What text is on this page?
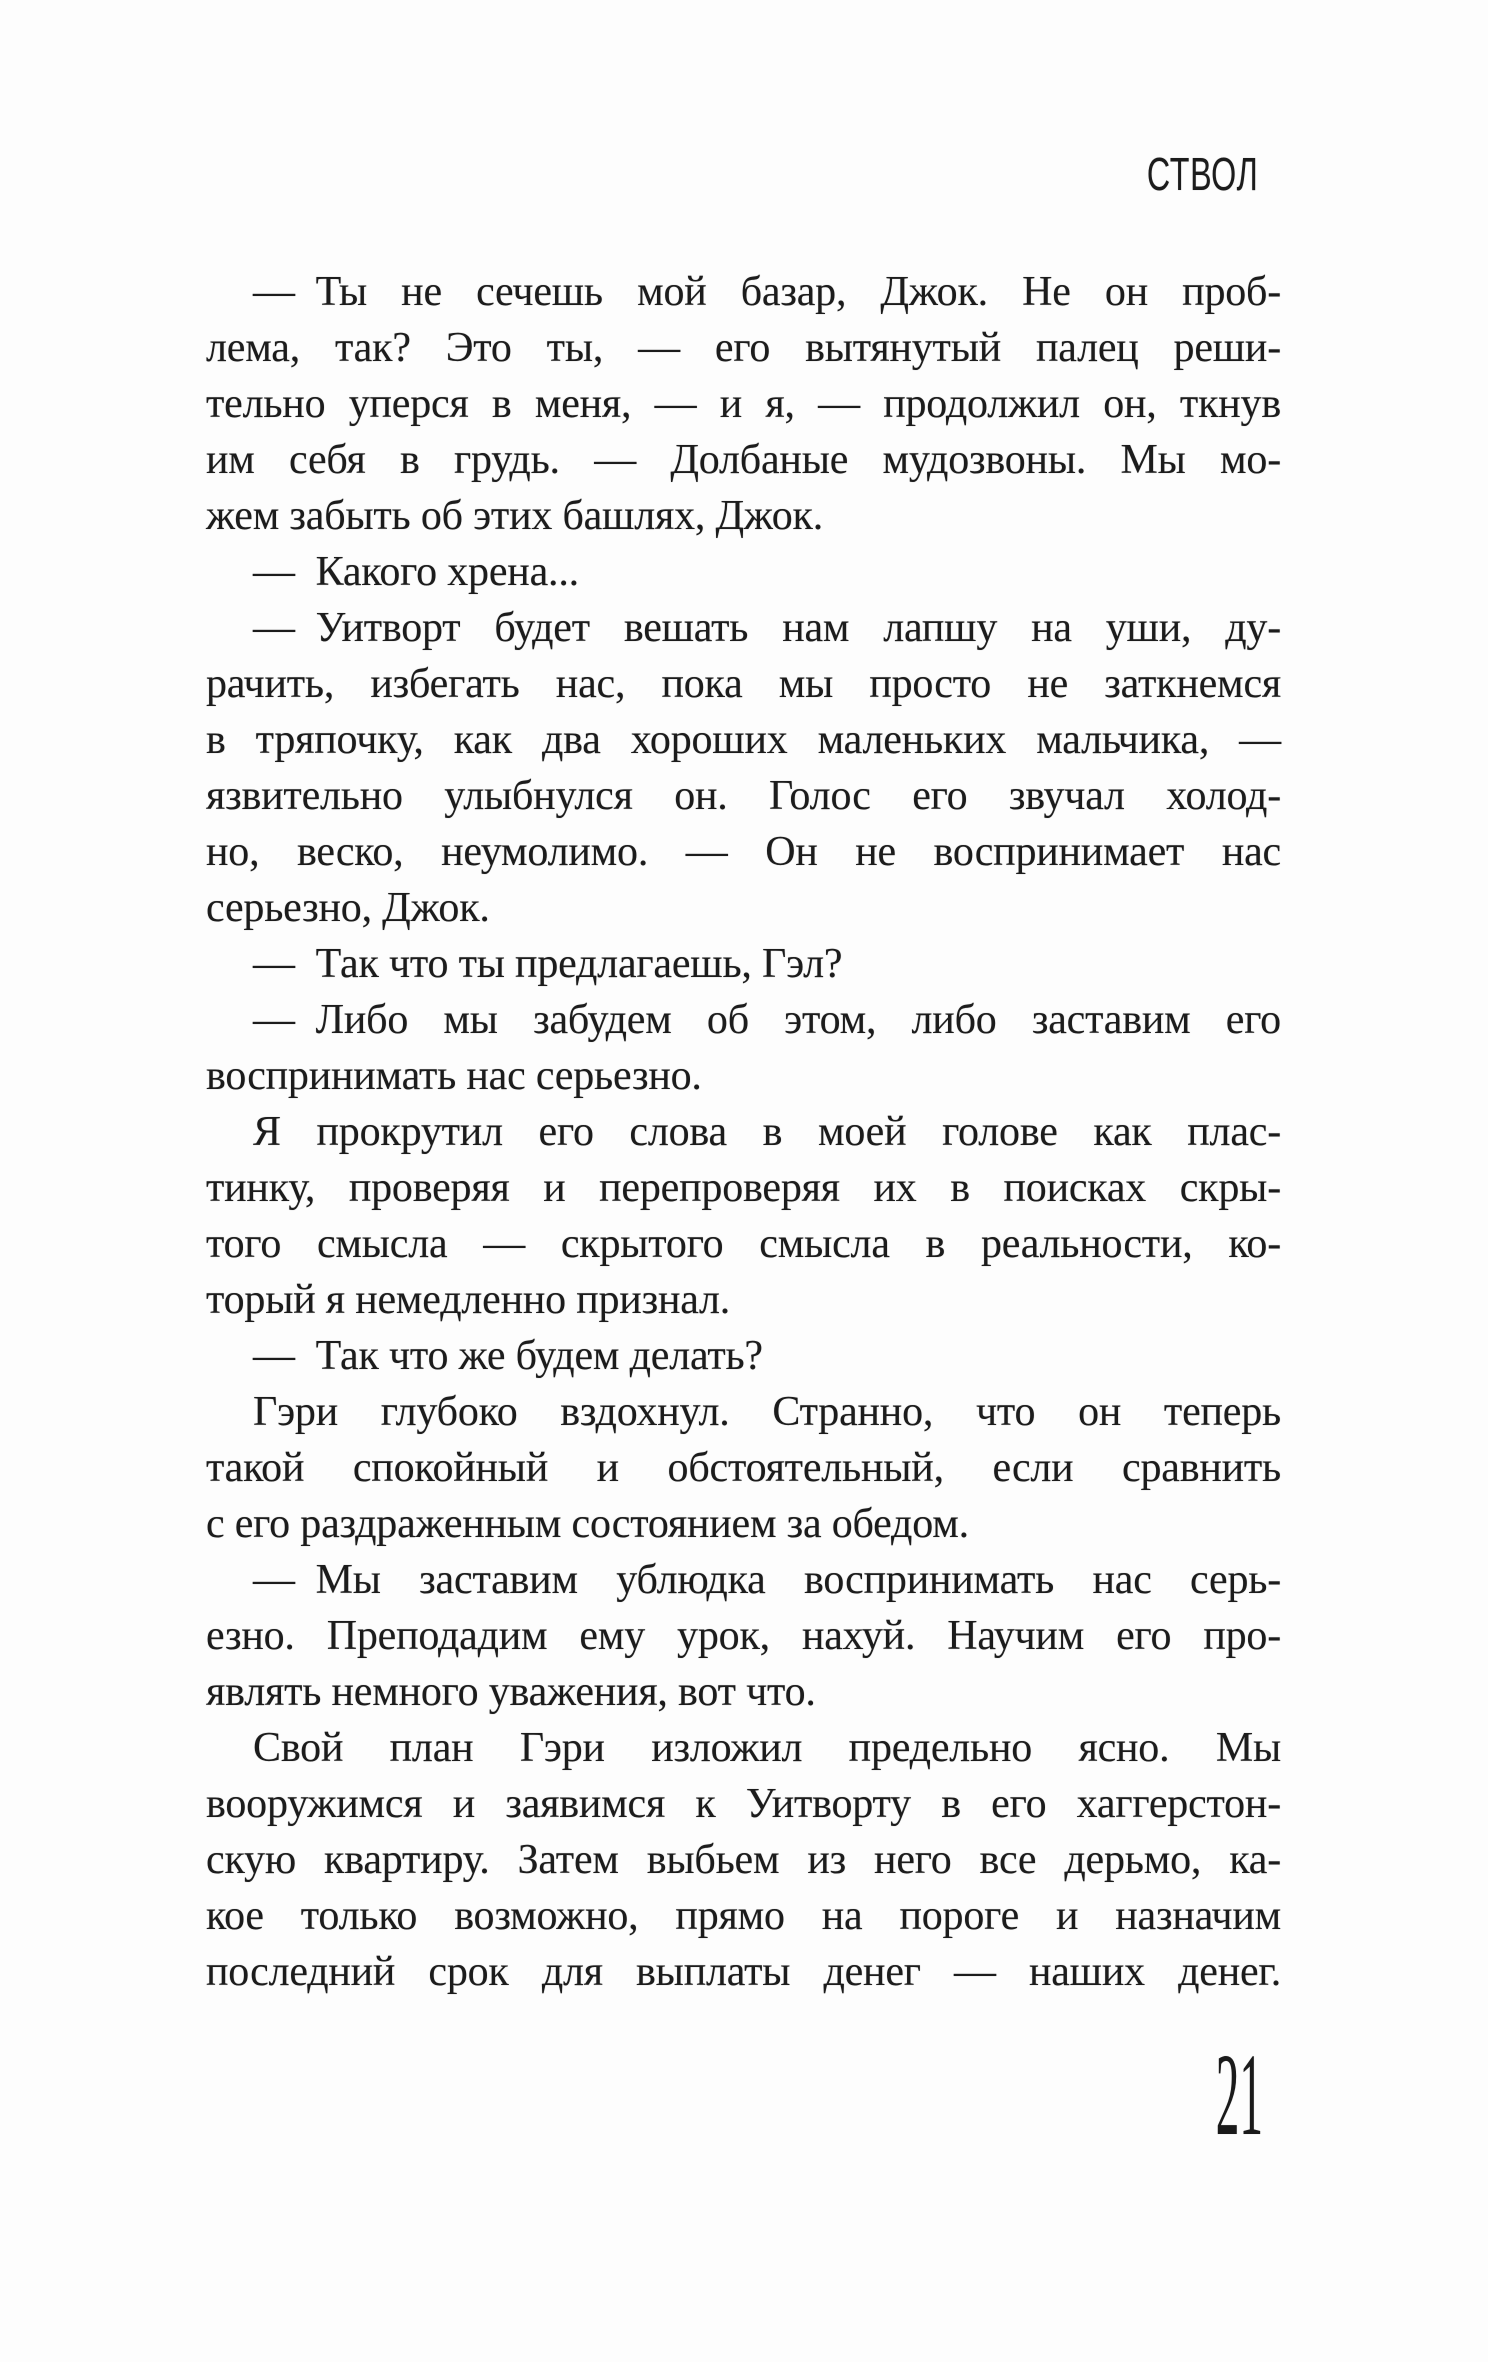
СТВОЛ
— Ты не сечешь мой базар, Джок. Не он проб-
лема, так? Это ты, — его вытянутый палец реши-
тельно уперся в меня, — и я, — продолжил он, ткнув
им себя в грудь. — Долбаные мудозвоны. Мы мо-
жем забыть об этих башлях, Джок.
— Какого хрена...
— Уитворт будет вешать нам лапшу на уши, ду-
рачить, избегать нас, пока мы просто не заткнемся
в тряпочку, как два хороших маленьких мальчика, —
язвительно улыбнулся он. Голос его звучал холод-
но, веско, неумолимо. — Он не воспринимает нас
серьезно, Джок.
— Так что ты предлагаешь, Гэл?
— Либо мы забудем об этом, либо заставим его
воспринимать нас серьезно.
Я прокрутил его слова в моей голове как плас-
тинку, проверяя и перепроверяя их в поисках скры-
того смысла — скрытого смысла в реальности, ко-
торый я немедленно признал.
— Так что же будем делать?
Гэри глубоко вздохнул. Странно, что он теперь
такой спокойный и обстоятельный, если сравнить
с его раздраженным состоянием за обедом.
— Мы заставим ублюдка воспринимать нас серь-
езно. Преподадим ему урок, нахуй. Научим его про-
являть немного уважения, вот что.
Свой план Гэри изложил предельно ясно. Мы
вооружимся и заявимся к Уитворту в его хаггерстон-
скую квартиру. Затем выбьем из него все дерьмо, ка-
кое только возможно, прямо на пороге и назначим
последний срок для выплаты денег — наших денег.
21
